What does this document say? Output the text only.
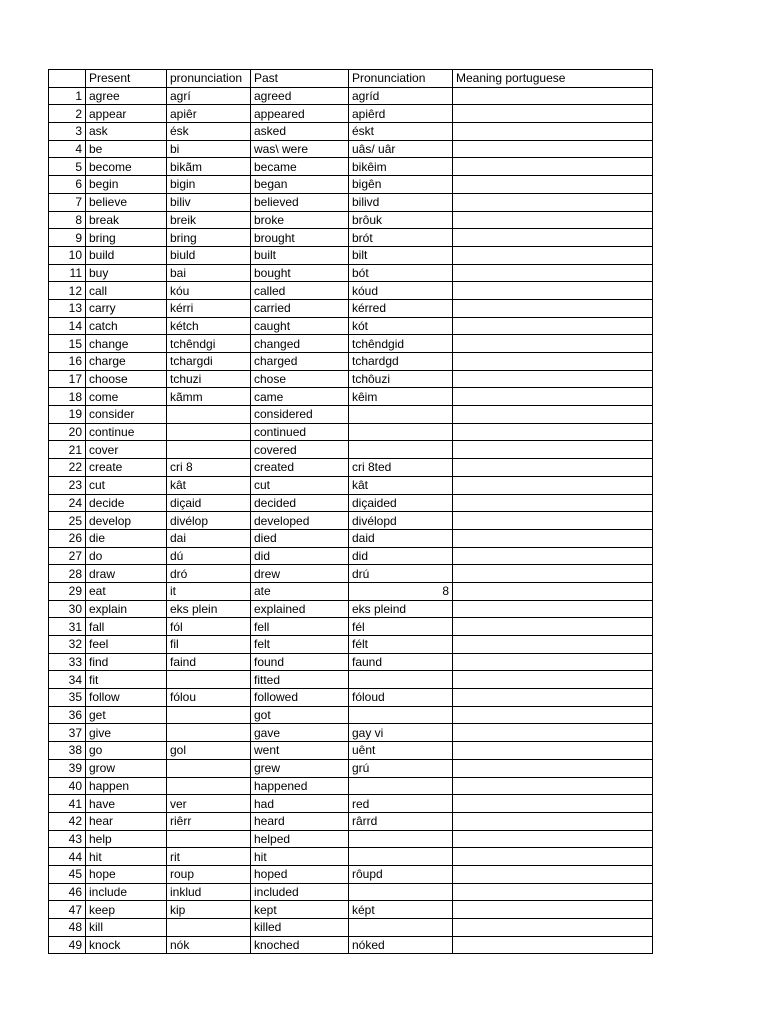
	Present	pronunciation	Past	Pronunciation	Meaning portuguese
1	agree	agrí	agreed	agríd	
2	appear	apiêr	appeared	apiêrd	
3	ask	ésk	asked	éskt	
4	be	bi	was\ were	uâs/ uâr	
5	become	bikãm	became	bikêim	
6	begin	bigin	began	bigên	
7	believe	biliv	believed	bilivd	
8	break	breik	broke	brôuk	
9	bring	bring	brought	brót	
10	build	biuld	built	bilt	
11	buy	bai	bought	bót	
12	call	kóu	called	kóud	
13	carry	kérri	carried	kérred	
14	catch	kétch	caught	kót	
15	change	tchêndgi	changed	tchêndgid	
16	charge	tchargdi	charged	tchardgd	
17	choose	tchuzi	chose	tchôuzi	
18	come	kãmm	came	kêim	
19	consider		considered		
20	continue		continued		
21	cover		covered		
22	create	cri 8	created	cri 8ted	
23	cut	kât	cut	kât	
24	decide	diçaid	decided	diçaided	
25	develop	divélop	developed	divélopd	
26	die	dai	died	daid	
27	do	dú	did	did	
28	draw	dró	drew	drú	
29	eat	it	ate	8	
30	explain	eks plein	explained	eks pleind	
31	fall	fól	fell	fél	
32	feel	fil	felt	félt	
33	find	faind	found	faund	
34	fit		fitted		
35	follow	fólou	followed	fóloud	
36	get		got		
37	give		gave	gay vi	
38	go	gol	went	uênt	
39	grow		grew	grú	
40	happen		happened		
41	have	ver	had	red	
42	hear	riêrr	heard	rârrd	
43	help		helped		
44	hit	rit	hit		
45	hope	roup	hoped	rôupd	
46	include	inklud	included		
47	keep	kip	kept	képt	
48	kill		killed		
49	knock	nók	knoched	nóked	
